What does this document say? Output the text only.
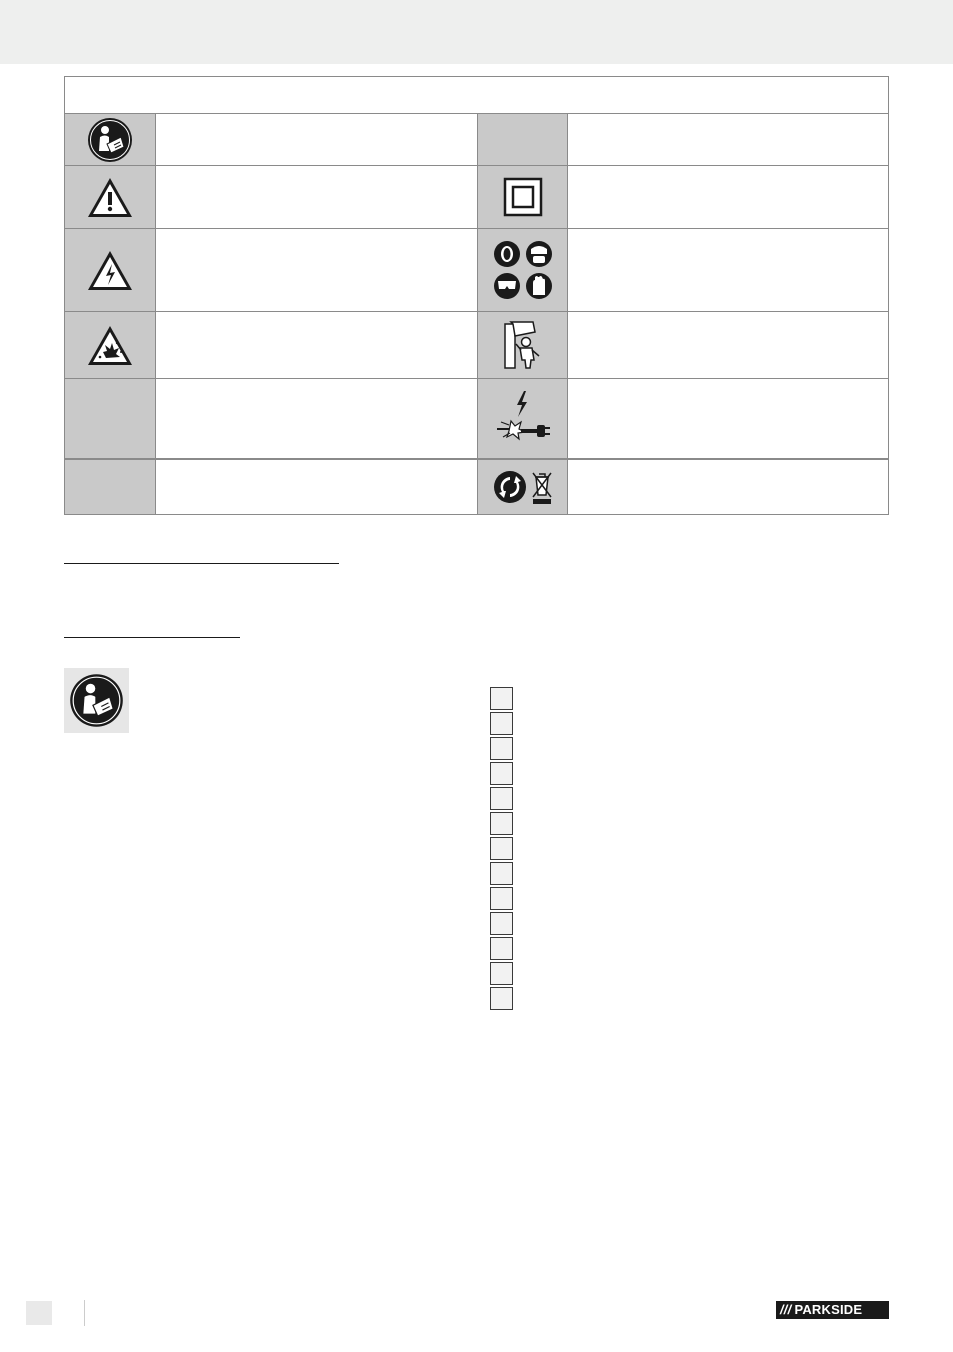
/// PARKSIDE
